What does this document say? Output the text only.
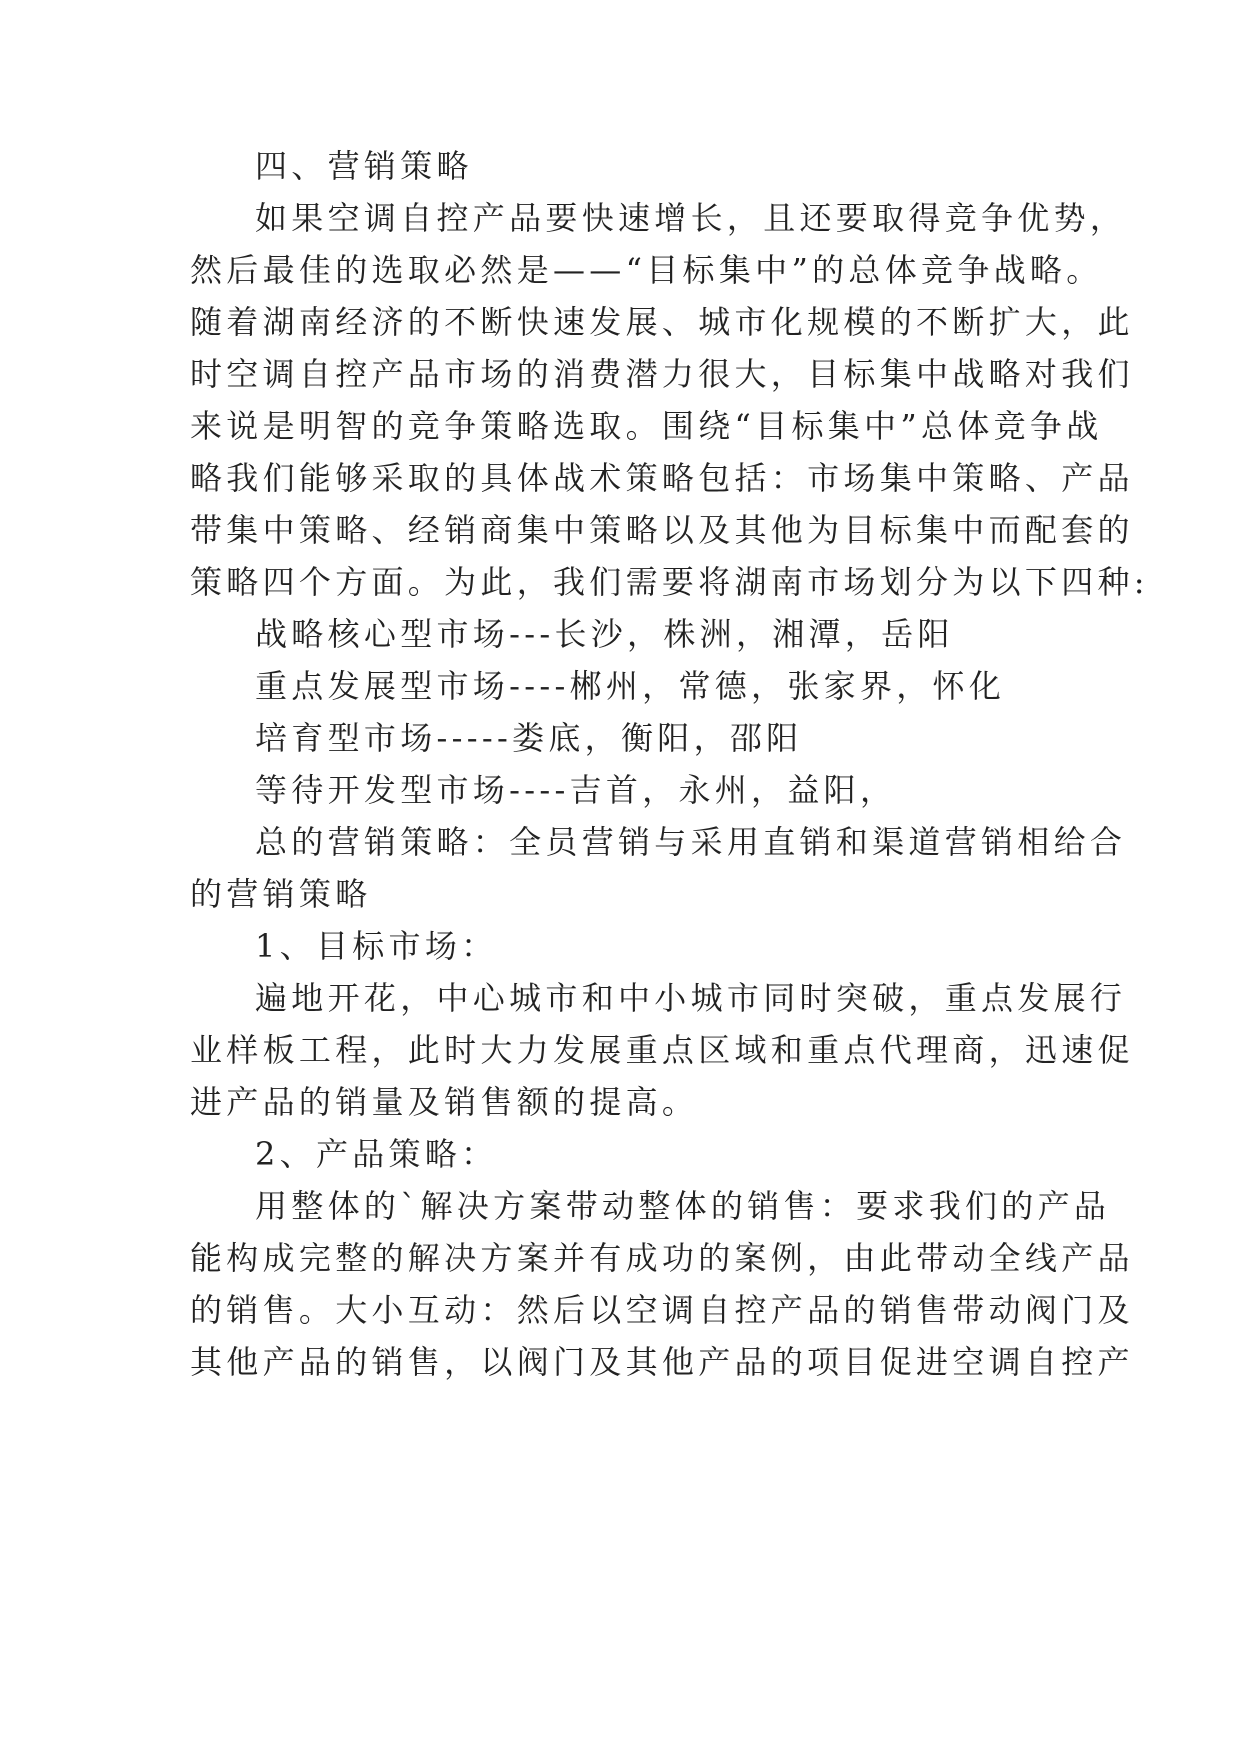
四、营销策略
如果空调自控产品要快速增长，且还要取得竞争优势，
然后最佳的选取必然是——“目标集中”的总体竞争战略。
随着湖南经济的不断快速发展、城市化规模的不断扩大，此
时空调自控产品市场的消费潜力很大，目标集中战略对我们
来说是明智的竞争策略选取。围绕“目标集中”总体竞争战
略我们能够采取的具体战术策略包括：市场集中策略、产品
带集中策略、经销商集中策略以及其他为目标集中而配套的
策略四个方面。为此，我们需要将湖南市场划分为以下四种:
战略核心型市场---长沙，株洲，湘潭，岳阳
重点发展型市场----郴州，常德，张家界，怀化
培育型市场-----娄底，衡阳，邵阳
等待开发型市场----吉首，永州，益阳，
总的营销策略：全员营销与采用直销和渠道营销相给合
的营销策略
1、目标市场：
遍地开花，中心城市和中小城市同时突破，重点发展行
业样板工程，此时大力发展重点区域和重点代理商，迅速促
进产品的销量及销售额的提高。
2、产品策略：
用整体的`解决方案带动整体的销售：要求我们的产品
能构成完整的解决方案并有成功的案例，由此带动全线产品
的销售。大小互动：然后以空调自控产品的销售带动阀门及
其他产品的销售，以阀门及其他产品的项目促进空调自控产
